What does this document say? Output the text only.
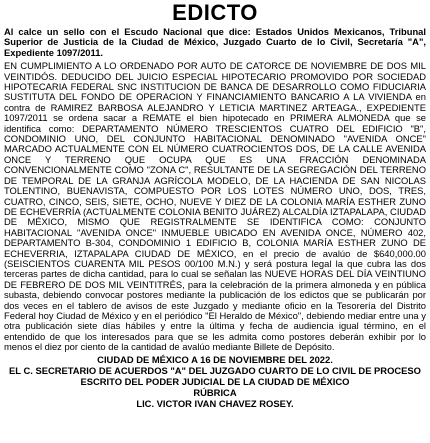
EDICTO

Al calce un sello con el Escudo Nacional que dice: Estados Unidos Mexicanos, Tribunal Superior de Justicia de la Ciudad de México, Juzgado Cuarto de lo Civil, Secretaría "A", Expediente 1097/2011.

EN CUMPLIMIENTO A LO ORDENADO POR AUTO DE CATORCE DE NOVIEMBRE DE DOS MIL VEINTIDÓS. DEDUCIDO DEL JUICIO ESPECIAL HIPOTECARIO PROMOVIDO POR SOCIEDAD HIPOTECARIA FEDERAL SNC INSTITUCION DE BANCA DE DESARROLLO COMO FIDUCIARIA SUSTITUTA DEL FONDO DE OPERACION Y FINANCIAMIENTO BANCARIO A LA VIVIENDA en contra de RAMIREZ BARBOSA ALEJANDRO Y LETICIA MARTINEZ ARTEAGA., EXPEDIENTE 1097/2011 se ordena sacar a REMATE el bien hipotecado en PRIMERA ALMONEDA que se identifica como: DEPARTAMENTO NÚMERO TRESCIENTOS CUATRO DEL EDIFICIO "B", CONDOMINIO UNO, DEL CONJUNTO HABITACIONAL DENOMINADO "AVENIDA ONCE" MARCADO ACTUALMENTE CON EL NÚMERO CUATROCIENTOS DOS, DE LA CALLE AVENIDA ONCE Y TERRENO QUE OCUPA QUE ES UNA FRACCIÓN DENOMINADA CONVENCIONALMENTE COMO "ZONA C", RESULTANTE DE LA SEGREGACIÓN DEL TERRENO DE TEMPORAL DE LA GRANJA AGRÍCOLA MODELO, DE LA HACIENDA DE SAN NICOLAS TOLENTINO, BUENAVISTA, COMPUESTO POR LOS LOTES NÚMERO UNO, DOS, TRES, CUATRO, CINCO, SEIS, SIETE, OCHO, NUEVE Y DIEZ DE LA COLONIA MARÍA ESTHER ZUNO DE ECHEVERRÍA (ACTUALMENTE COLONIA BENITO JUÁREZ) ALCALDÍA IZTAPALAPA, CIUDAD DE MÉXICO, MISMO QUE REGISTRALMENTE SE IDENTIFICA COMO: CONJUNTO HABITACIONAL "AVENIDA ONCE" INMUEBLE UBICADO EN AVENIDA ONCE, NÚMERO 402, DEPARTAMENTO B-304, CONDOMINIO 1 EDIFICIO B, COLONIA MARÍA ESTHER ZUNO DE ECHEVERRIA, IZTAPALAPA CIUDAD DE MÉXICO, en el precio de avalúo de $640,000.00 (SEISCIENTOS CUARENTA MIL PESOS 00/100 M.N.) y será postura legal la que cubra las dos terceras partes de dicha cantidad, para lo cual se señalan las NUEVE HORAS DEL DÍA VEINTIUNO DE FEBRERO DE DOS MIL VEINTITRÉS, para la celebración de la primera almoneda y en pública subasta, debiendo convocar postores mediante la publicación de los edictos que se publicarán por dos veces en el tablero de avisos de este Juzgado y mediante oficio en la Tesorería del Distrito Federal hoy Ciudad de México y en el periódico "El Heraldo de México", debiendo mediar entre una y otra publicación siete días hábiles y entre la última y fecha de audiencia igual término, en el entendido de que los interesados para que se les admita como postores deberán exhibir por lo menos el diez por ciento de la cantidad de avalúo mediante Billete de Depósito.

CIUDAD DE MÉXICO A 16 DE NOVIEMBRE DEL 2022.

EL C. SECRETARIO DE ACUERDOS "A" DEL JUZGADO CUARTO DE LO CIVIL DE PROCESO

ESCRITO DEL PODER JUDICIAL DE LA CIUDAD DE MÉXICO

RÚBRICA

LIC. VICTOR IVAN CHAVEZ ROSEY.
